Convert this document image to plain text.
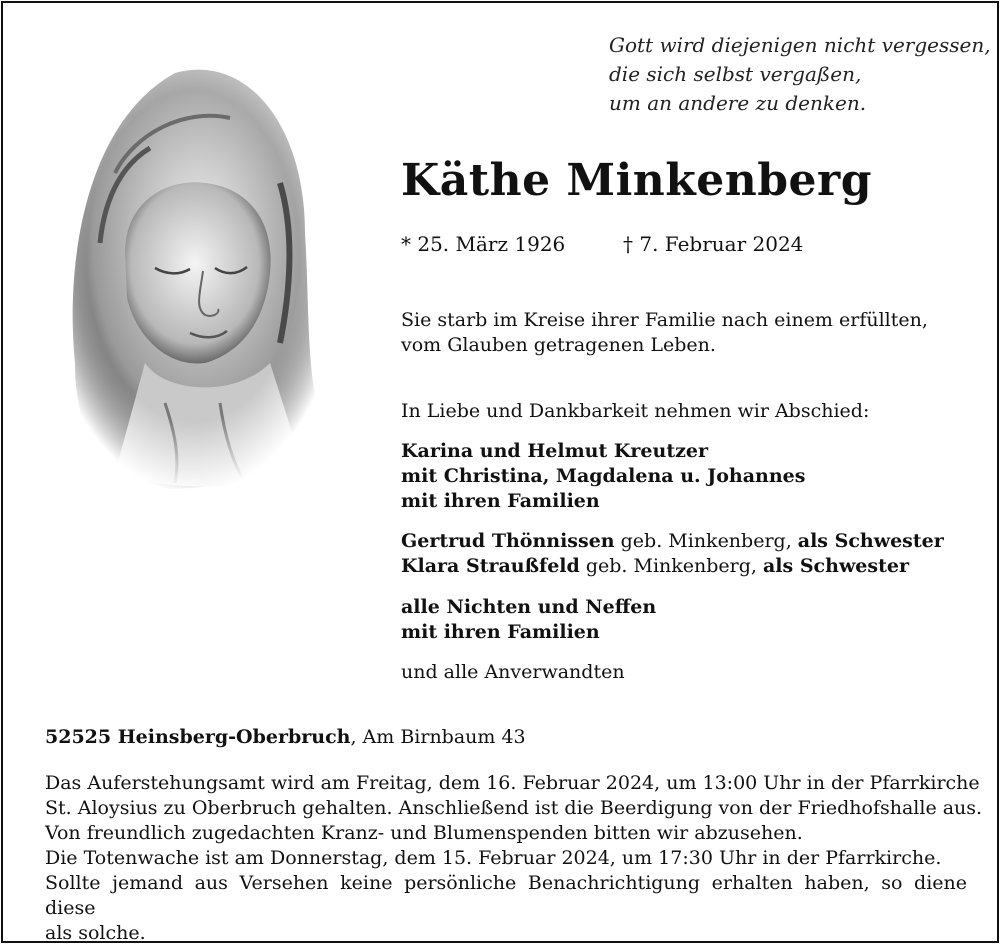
Gott wird diejenigen nicht vergessen,
die sich selbst vergaßen,
um an andere zu denken.
Käthe Minkenberg
* 25. März 1926	† 7. Februar 2024
Sie starb im Kreise ihrer Familie nach einem erfüllten,
vom Glauben getragenen Leben.
In Liebe und Dankbarkeit nehmen wir Abschied:
Karina und Helmut Kreutzer
mit Christina, Magdalena u. Johannes
mit ihren Familien
Gertrud Thönnissen geb. Minkenberg, als Schwester
Klara Straußfeld geb. Minkenberg, als Schwester
alle Nichten und Neffen
mit ihren Familien
und alle Anverwandten
52525 Heinsberg-Oberbruch, Am Birnbaum 43
Das Auferstehungsamt wird am Freitag, dem 16. Februar 2024, um 13:00 Uhr in der Pfarrkirche
St. Aloysius zu Oberbruch gehalten. Anschließend ist die Beerdigung von der Friedhofshalle aus.
Von freundlich zugedachten Kranz- und Blumenspenden bitten wir abzusehen.
Die Totenwache ist am Donnerstag, dem 15. Februar 2024, um 17:30 Uhr in der Pfarrkirche.
Sollte jemand aus Versehen keine persönliche Benachrichtigung erhalten haben, so diene diese
als solche.
